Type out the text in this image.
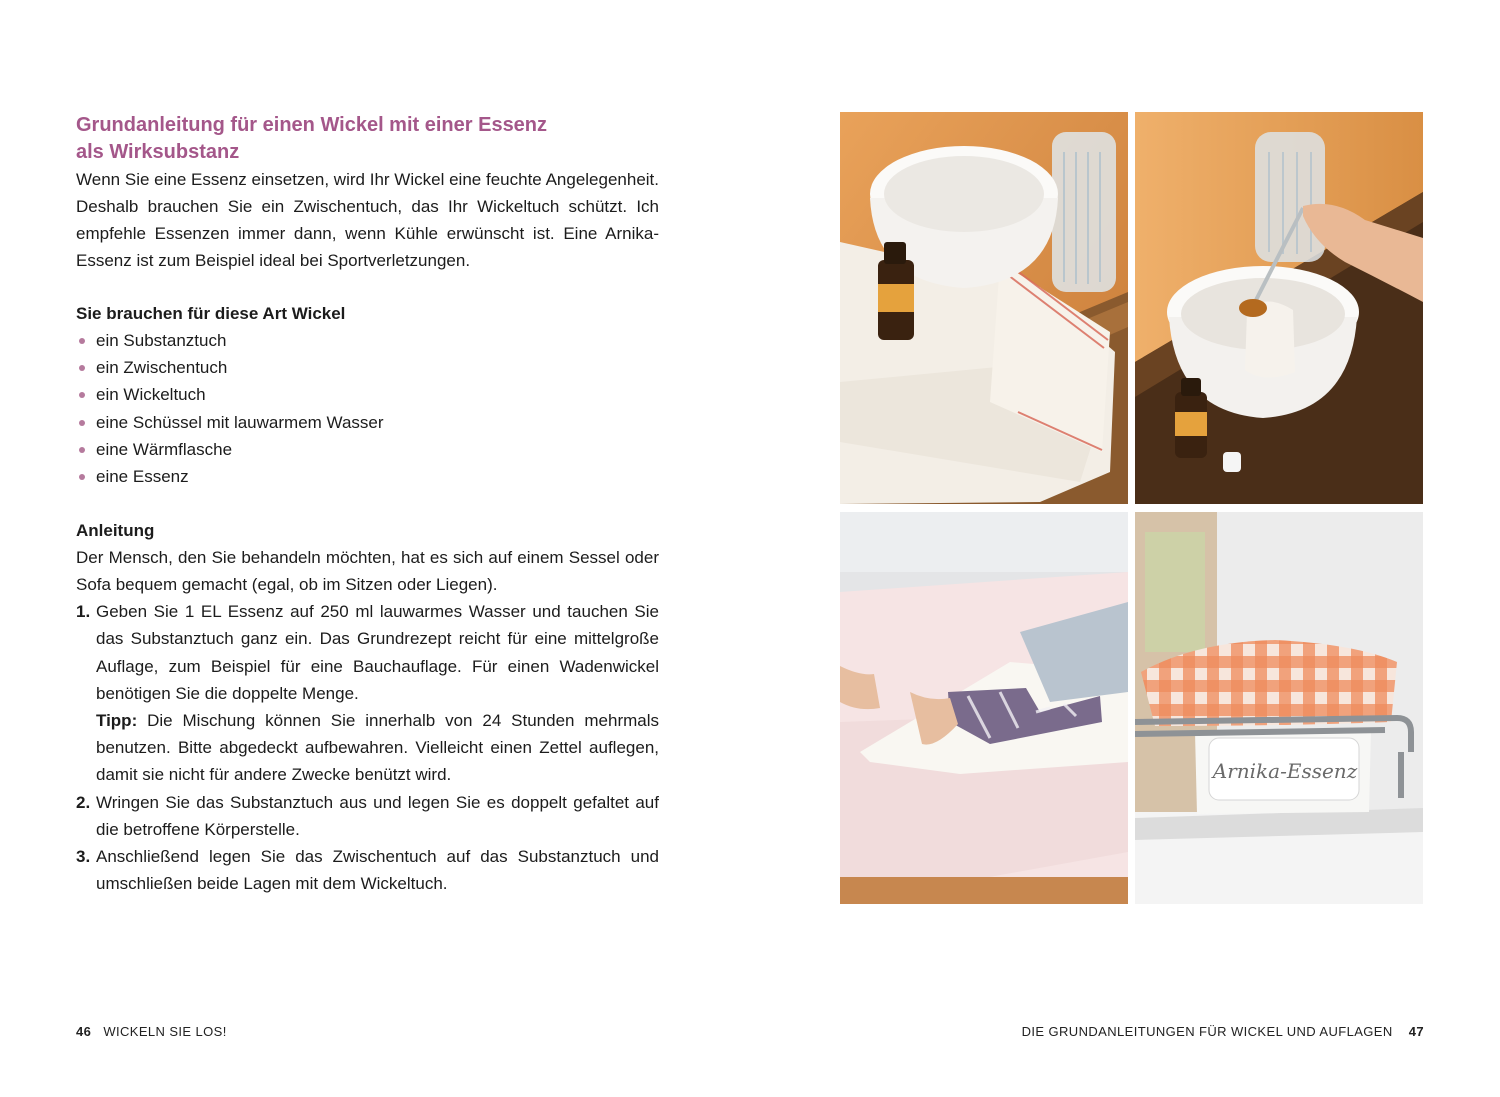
Grundanleitung für einen Wickel mit einer Essenz
als Wirksubstanz

Wenn Sie eine Essenz einsetzen, wird Ihr Wickel eine feuchte Angelegenheit. Deshalb brauchen Sie ein Zwischentuch, das Ihr Wickeltuch schützt. Ich empfehle Essenzen immer dann, wenn Kühle erwünscht ist. Eine Arnika-Essenz ist zum Beispiel ideal bei Sportverletzungen.

Sie brauchen für diese Art Wickel

ein Substanztuch
ein Zwischentuch
ein Wickeltuch
eine Schüssel mit lauwarmem Wasser
eine Wärmflasche
eine Essenz

Anleitung

Der Mensch, den Sie behandeln möchten, hat es sich auf einem Sessel oder Sofa bequem gemacht (egal, ob im Sitzen oder Liegen).

1. Geben Sie 1 EL Essenz auf 250 ml lauwarmes Wasser und tauchen Sie das Substanztuch ganz ein. Das Grundrezept reicht für eine mittelgroße Auflage, zum Beispiel für eine Bauchauflage. Für einen Wadenwickel benötigen Sie die doppelte Menge.
Tipp: Die Mischung können Sie innerhalb von 24 Stunden mehrmals benutzen. Bitte abgedeckt aufbewahren. Vielleicht einen Zettel auflegen, damit sie nicht für andere Zwecke benützt wird.
2. Wringen Sie das Substanztuch aus und legen Sie es doppelt gefaltet auf die betroffene Körperstelle.
3. Anschließend legen Sie das Zwischentuch auf das Substanztuch und umschließen beide Lagen mit dem Wickeltuch.
Arnika-Essenz
46 WICKELN SIE LOS!	DIE GRUNDANLEITUNGEN FÜR WICKEL UND AUFLAGEN 47
